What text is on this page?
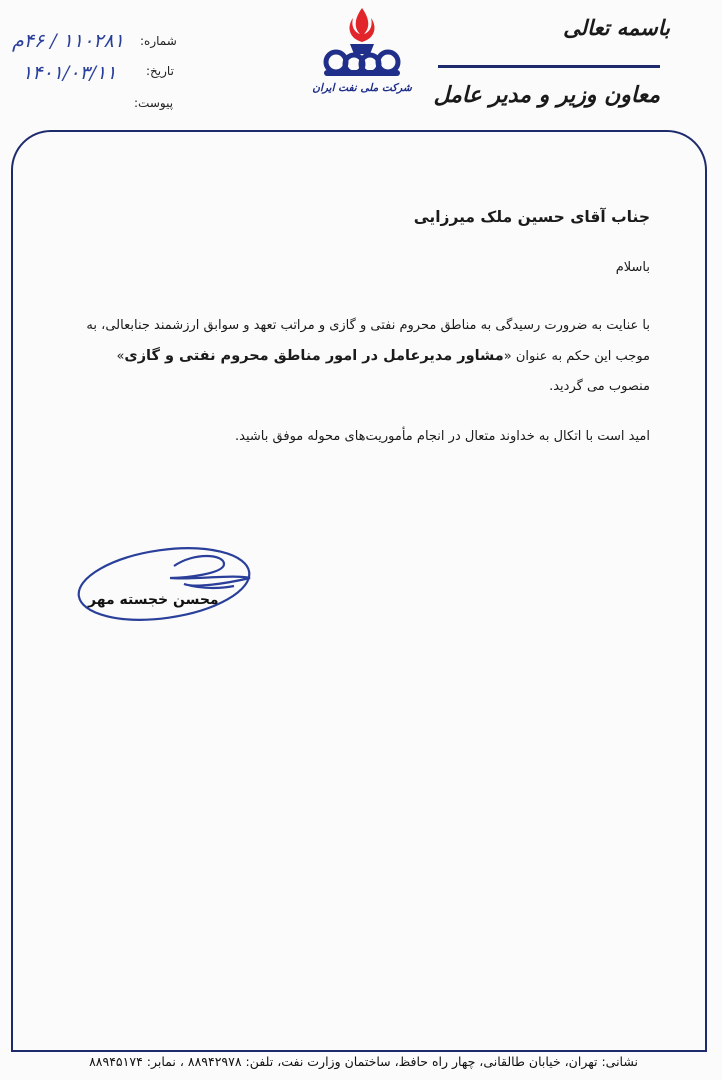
باسمه تعالی
معاون وزیر و مدیر عامل
شرکت ملی نفت ایران
شماره:
١١٠٢٨١ / ۴۶م
تاریخ:
١۴٠١/٠٣/١١
پیوست:

جناب آقای حسین ملک میرزایی

باسلام

با عنایت به ضرورت رسیدگی به مناطق محروم نفتی و گازی و مراتب تعهد و سوابق ارزشمند جنابعالی، به موجب این حکم به عنوان «مشاور مدیرعامل در امور مناطق محروم نفتی و گازی» منصوب می گردید.

امید است با اتکال به خداوند متعال در انجام مأموریت‌های محوله موفق باشید.

محسن خجسته مهر
نشانی: تهران، خیابان طالقانی، چهار راه حافظ، ساختمان وزارت نفت، تلفن: ٨٨٩۴٢٩٧٨ ، نمابر: ٨٨٩۴۵١٧۴
